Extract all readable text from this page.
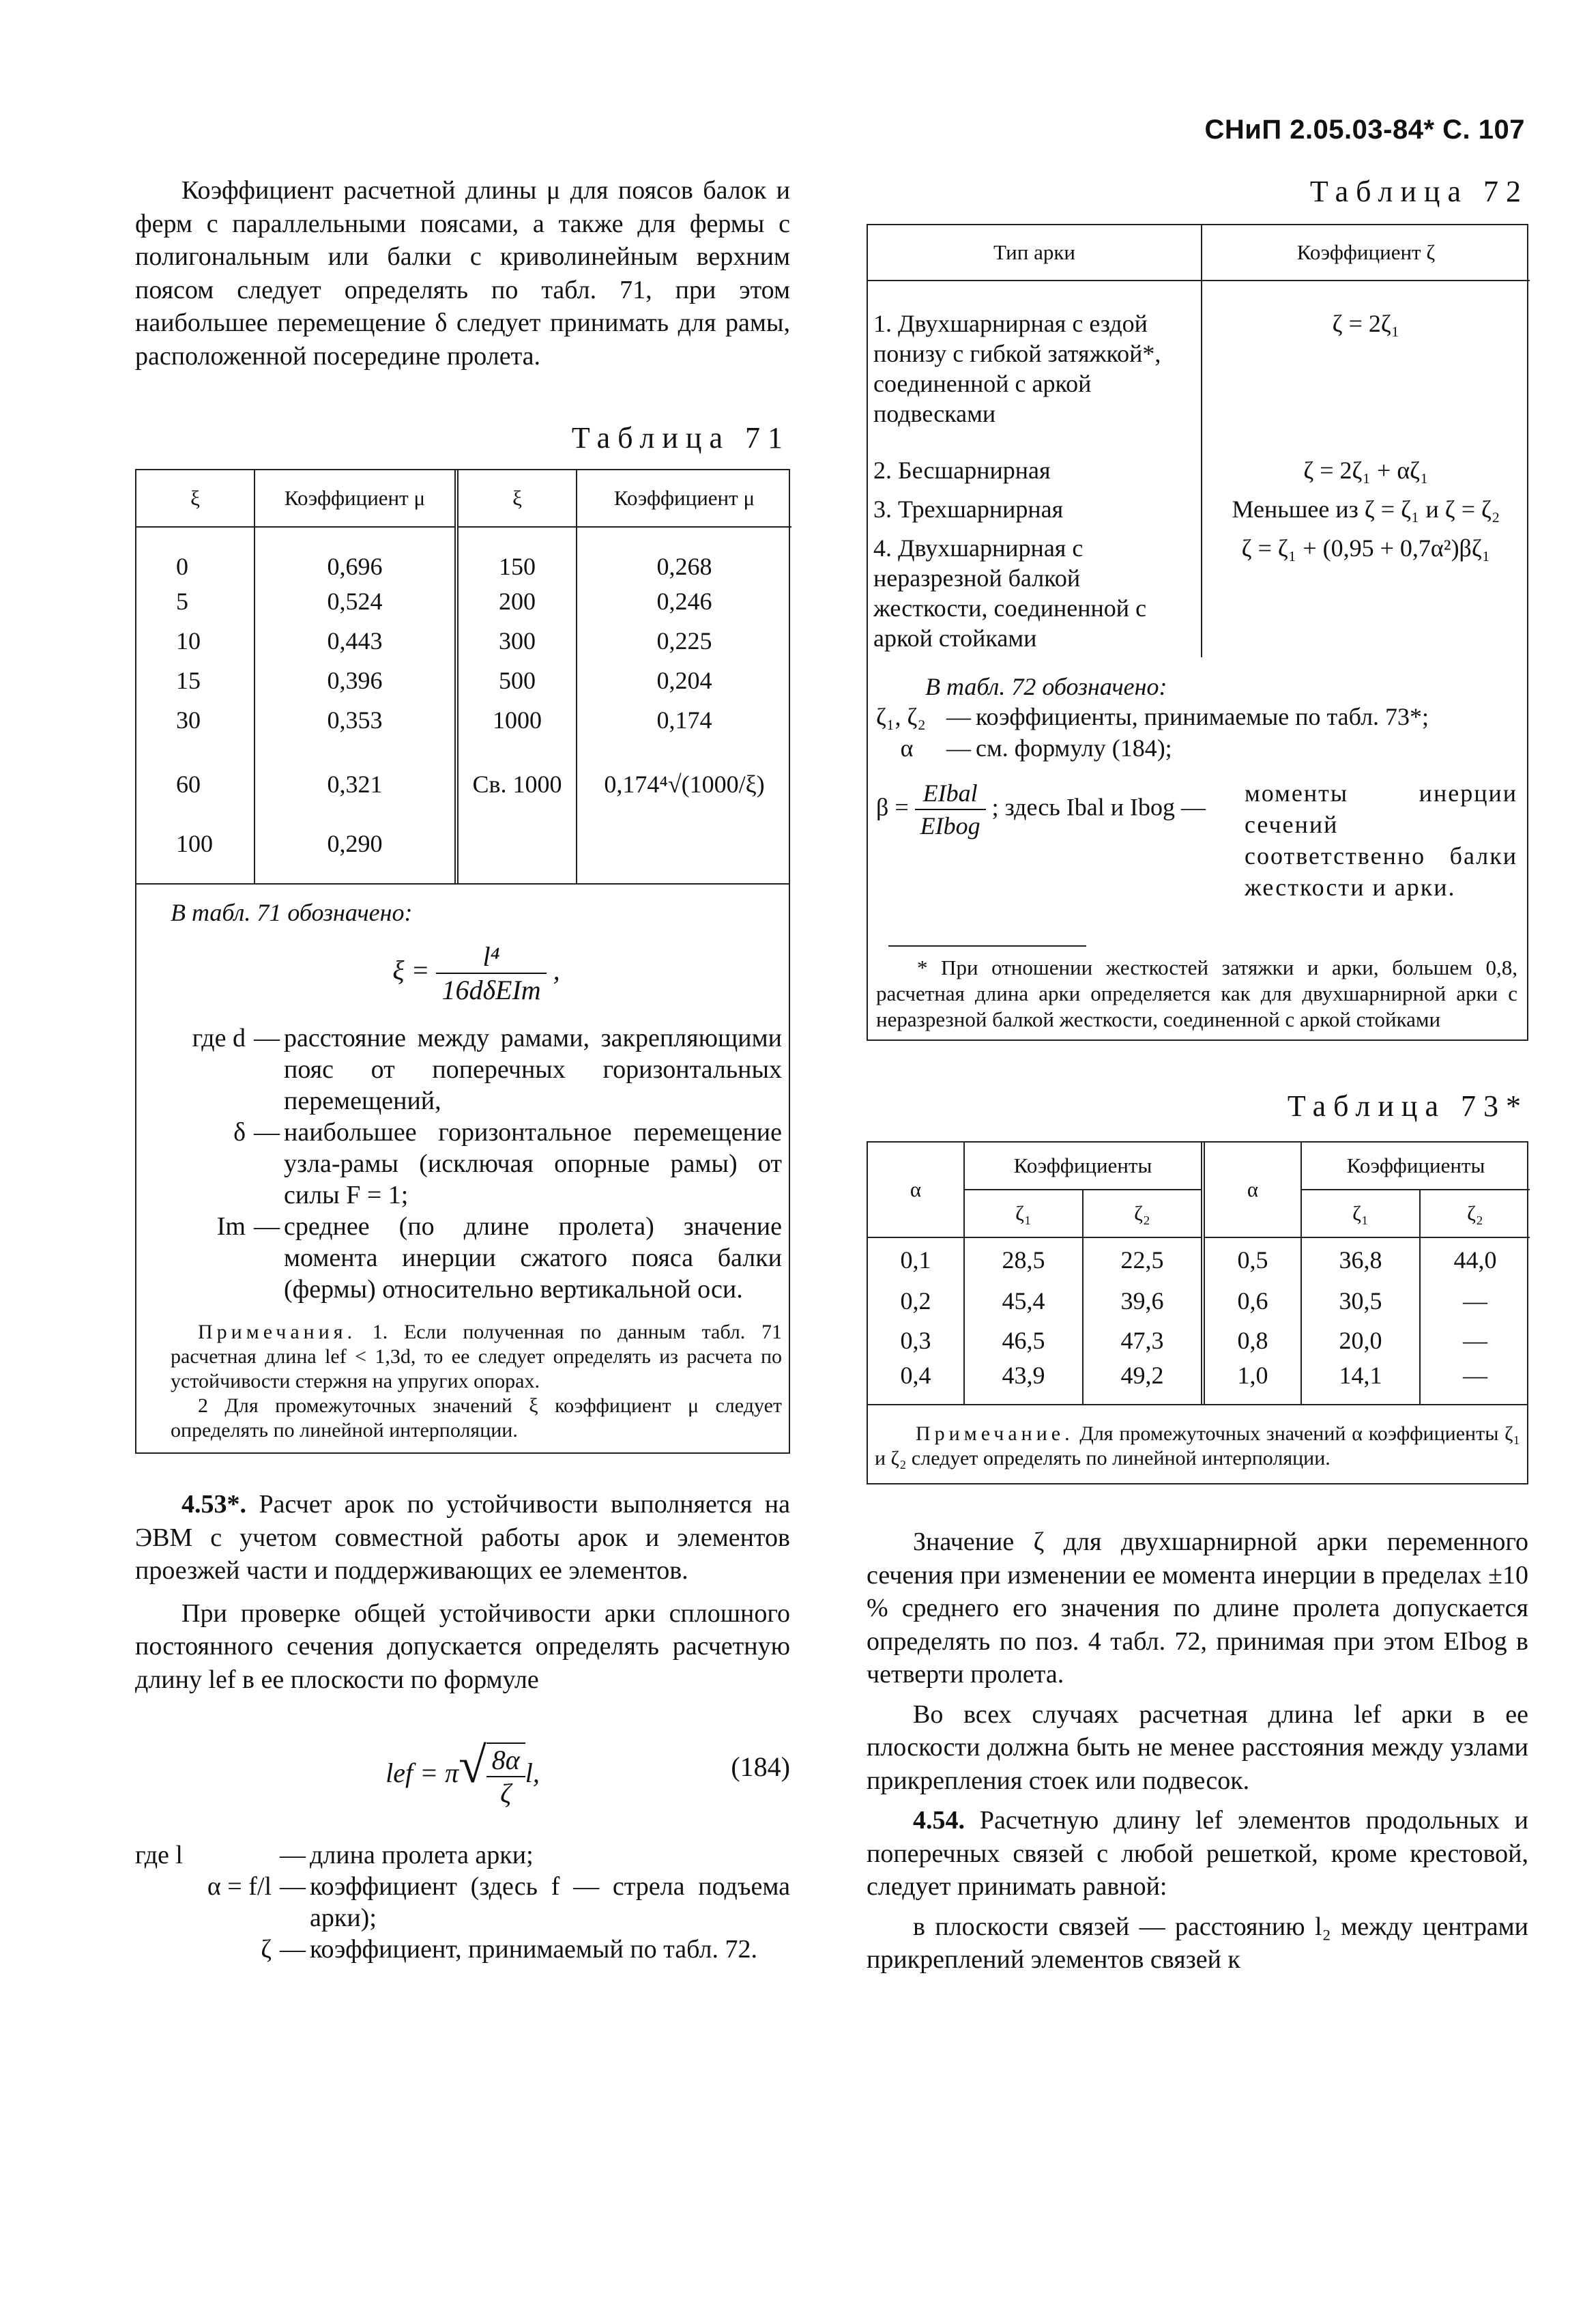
СНиП 2.05.03-84* С. 107

Коэффициент расчетной длины μ для поясов балок и ферм с параллельными поясами, а также для фермы с полигональным или балки с криволинейным верхним поясом следует определять по табл. 71, при этом наибольшее перемещение δ следует принимать для рамы, расположенной посередине пролета.

Таблица 71

ξ	Коэффициент μ	ξ	Коэффициент μ
0	0,696	150	0,268
5	0,524	200	0,246
10	0,443	300	0,225
15	0,396	500	0,204
30	0,353	1000	0,174
60	0,321	Св. 1000	0,174⁴√(1000/ξ)
100	0,290		
В табл. 71 обозначено:
$\xi = \frac{\text{l⁴}}{\text{16dδEIm}}$ ,
где d — расстояние между рамами, закрепляющими пояс от поперечных горизонтальных перемещений,
δ — наибольшее горизонтальное перемещение узла-рамы (исключая опорные рамы) от силы F = 1;
Im — среднее (по длине пролета) значение момента инерции сжатого пояса балки (фермы) относительно вертикальной оси.

Примечания. 1. Если полученная по данным табл. 71 расчетная длина lef < 1,3d, то ее следует определять из расчета по устойчивости стержня на упругих опорах.

2 Для промежуточных значений ξ коэффициент μ следует определять по линейной интерполяции.

4.53*. Расчет арок по устойчивости выполняется на ЭВМ с учетом совместной работы арок и элементов проезжей части и поддерживающих ее элементов.

При проверке общей устойчивости арки сплошного постоянного сечения допускается определять расчетную длину lef в ее плоскости по формуле

lef = $\pi√ \frac{8\alpha}{\zeta} l$,	(184)
где l	— длина пролета арки;
α = f/l — коэффициент (здесь f — стрела подъема арки);
ζ — коэффициент, принимаемый по табл. 72.

Таблица 72

Тип арки	Коэффициент ζ
1. Двухшарнирная с ездой понизу с гибкой затяжкой*, соединенной с аркой подвесками	ζ = 2ζ₁
2. Бесшарнирная	ζ = 2ζ₁ + αζ₁
3. Трехшарнирная	Меньшее из ζ = ζ₁ и ζ = ζ₂
4. Двухшарнирная с неразрезной балкой жесткости, соединенной с аркой стойками	ζ = ζ₁ + (0,95 + 0,7α²)βζ₁
В табл. 72 обозначено:
ζ₁, ζ₂ — коэффициенты, принимаемые по табл. 73*;
α	— см. формулу (184);
$\beta = \frac{\text{EIbal}}{\text{EIbog}}$ ; здесь Ibal и Ibog —
моменты инерции сечений соответственно балки жесткости и арки.

* При отношении жесткостей затяжки и арки, большем 0,8, расчетная длина арки определяется как для двухшарнирной арки с неразрезной балкой жесткости, соединенной с аркой стойками

Таблица 73*

α	Коэффициенты		α	Коэффициенты	
	ζ₁	ζ₂		ζ₁	ζ₂
0,1	28,5	22,5	0,5	36,8	44,0
0,2	45,4	39,6	0,6	30,5	—
0,3	46,5	47,3	0,8	20,0	—
0,4	43,9	49,2	1,0	14,1	—

Примечание. Для промежуточных значений α коэффициенты ζ₁ и ζ₂ следует определять по линейной интерполяции.

Значение ζ для двухшарнирной арки переменного сечения при изменении ее момента инерции в пределах ±10 % среднего его значения по длине пролета допускается определять по поз. 4 табл. 72, принимая при этом EIbog в четверти пролета.

Во всех случаях расчетная длина lef арки в ее плоскости должна быть не менее расстояния между узлами прикрепления стоек или подвесок.

4.54. Расчетную длину lef элементов продольных и поперечных связей с любой решеткой, кроме крестовой, следует принимать равной:

в плоскости связей — расстоянию l₂ между центрами прикреплений элементов связей к
